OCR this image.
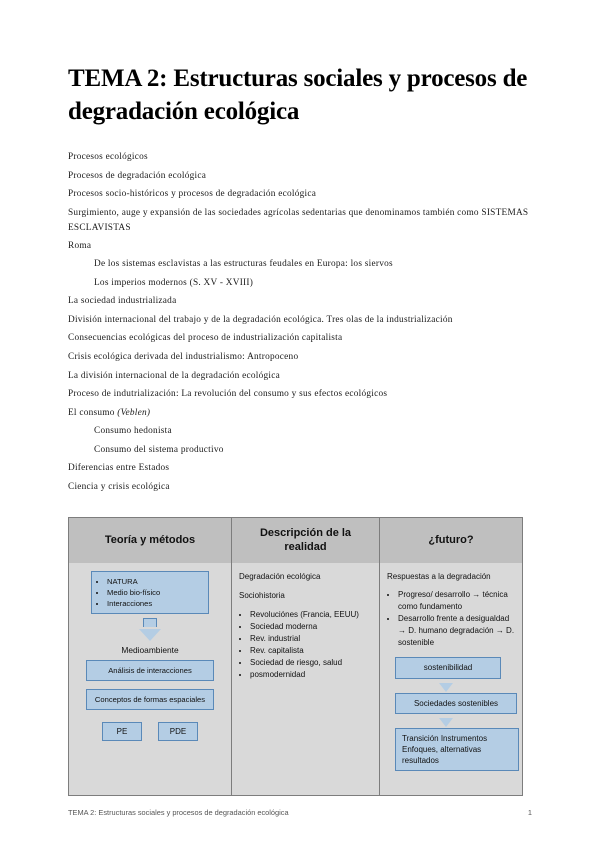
TEMA 2: Estructuras sociales y procesos de degradación ecológica
Procesos ecológicos
Procesos de degradación ecológica
Procesos socio-históricos y procesos de degradación ecológica
Surgimiento, auge y expansión de las sociedades agrícolas sedentarias que denominamos también como SISTEMAS ESCLAVISTAS
Roma
De los sistemas esclavistas a las estructuras feudales en Europa: los siervos
Los imperios modernos (S. XV - XVIII)
La sociedad industrializada
División internacional del trabajo y de la degradación ecológica. Tres olas de la industrialización
Consecuencias ecológicas del proceso de industrialización capitalista
Crisis ecológica derivada del industrialismo: Antropoceno
La división internacional de la degradación ecológica
Proceso de indutrialización: La revolución del consumo y sus efectos ecológicos
El consumo (Veblen)
Consumo hedonista
Consumo del sistema productivo
Diferencias entre Estados
Ciencia y crisis ecológica
Teoría y métodos
Descripción de la realidad
¿futuro?
• NATURA
• Medio bio-físico
• Interacciones
Medioambiente
Análisis de interacciones
Conceptos de formas espaciales
PE	PDE

Degradación ecológica

Sociohistoria

• Revoluciónes (Francia, EEUU)
• Sociedad moderna
• Rev. industrial
• Rev. capitalista
• Sociedad de riesgo, salud
• posmodernidad

Respuestas a la degradación

• Progreso/ desarrollo → técnica como fundamento
• Desarrollo frente a desigualdad → D. humano degradación → D. sostenible
sostenibilidad
Sociedades sostenibles
Transición Instrumentos Enfoques, alternativas resultados
TEMA 2: Estructuras sociales y procesos de degradación ecológica	1
